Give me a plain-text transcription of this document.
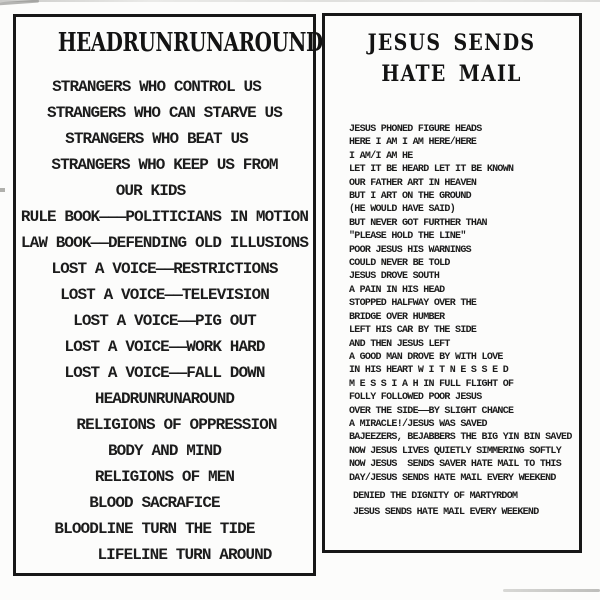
HEADRUNRUNAROUND
STRANGERS WHO CONTROL US
STRANGERS WHO CAN STARVE US
STRANGERS WHO BEAT US
STRANGERS WHO KEEP US FROM
OUR KIDS
RULE BOOK———POLITICIANS IN MOTION
LAW BOOK——DEFENDING OLD ILLUSIONS
LOST A VOICE——RESTRICTIONS
LOST A VOICE——TELEVISION
LOST A VOICE——PIG OUT
LOST A VOICE——WORK HARD
LOST A VOICE——FALL DOWN
HEADRUNRUNAROUND
RELIGIONS OF OPPRESSION
BODY AND MIND
RELIGIONS OF MEN
BLOOD SACRAFICE
BLOODLINE TURN THE TIDE
LIFELINE TURN AROUND
JESUS SENDS
HATE MAIL
JESUS PHONED FIGURE HEADS
HERE I AM I AM HERE/HERE
I AM/I AM HE
LET IT BE HEARD LET IT BE KNOWN
OUR FATHER ART IN HEAVEN
BUT I ART ON THE GROUND
(HE WOULD HAVE SAID)
BUT NEVER GOT FURTHER THAN
"PLEASE HOLD THE LINE"
POOR JESUS HIS WARNINGS
COULD NEVER BE TOLD
JESUS DROVE SOUTH
A PAIN IN HIS HEAD
STOPPED HALFWAY OVER THE
BRIDGE OVER HUMBER
LEFT HIS CAR BY THE SIDE
AND THEN JESUS LEFT
A GOOD MAN DROVE BY WITH LOVE
IN HIS HEART W I T N E S S E D
M E S S I A H IN FULL FLIGHT OF
FOLLY FOLLOWED POOR JESUS
OVER THE SIDE——BY SLIGHT CHANCE
A MIRACLE!/JESUS WAS SAVED
BAJEEZERS, BEJABBERS THE BIG YIN BIN SAVED
NOW JESUS LIVES QUIETLY SIMMERING SOFTLY
NOW JESUS  SENDS SAVER HATE MAIL TO THIS
DAY/JESUS SENDS HATE MAIL EVERY WEEKEND
DENIED THE DIGNITY OF MARTYRDOM
JESUS SENDS HATE MAIL EVERY WEEKEND
